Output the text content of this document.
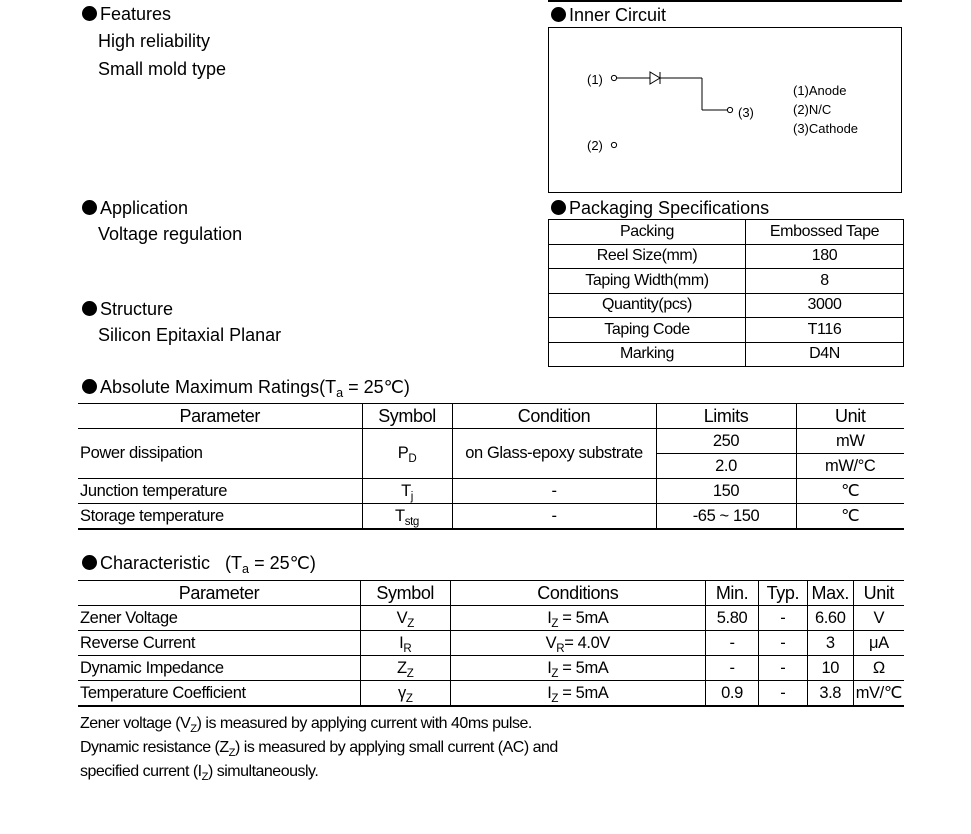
Features
High reliability
Small mold type
Application
Voltage regulation
Structure
Silicon Epitaxial Planar
Inner Circuit
(1)
(3)
(2)
(1)Anode
(2)N/C
(3)Cathode
Packaging Specifications
Packing	Embossed Tape
Reel Size(mm)	180
Taping Width(mm)	8
Quantity(pcs)	3000
Taping Code	T116
Marking	D4N
Absolute Maximum $Ratings(T_a$ = 25℃)
Parameter	Symbol	Condition	Limits	Unit
Power dissipation	$P_D$	on Glass-epoxy substrate	250	mW
			2.0	mW/°C
Junction temperature	$T_j$	-	150	℃
Storage temperature	$T_{stg}$	-	-65 ~ 150	℃
Characteristic ($T_a$ = 25℃)
Parameter	Symbol	Conditions	Min.	Typ.	Max.	Unit
Zener Voltage	$V_Z$	$I_Z = 5mA$	5.80	-	6.60	V
Reverse Current	$I_R$	$V_R= 4.0V$	-	-	3	μA
Dynamic Impedance	$Z_Z$	$I_Z = 5mA$	-	-	10	Ω
Temperature Coefficient	$\gamma_Z$	$I_Z = 5mA$	0.9	-	3.8	mV/℃
Zener voltage $(V_Z)$ is measured by applying current with 40ms pulse.
Dynamic resistance $(Z_Z)$ is measured by applying small current (AC) and
specified current $(I_Z)$ simultaneously.
